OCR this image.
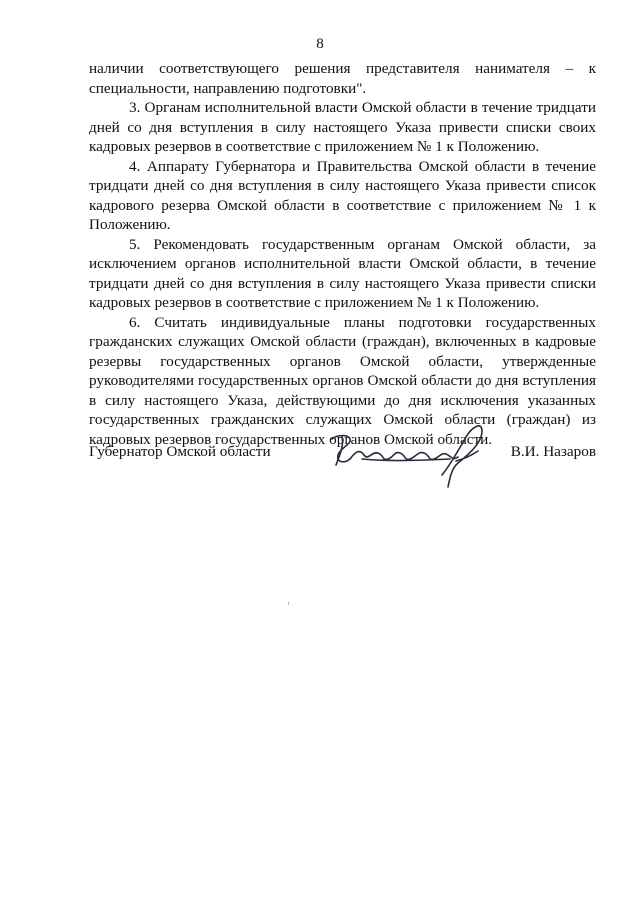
8

наличии соответствующего решения представителя нанимателя – к специальности, направлению подготовки".

3. Органам исполнительной власти Омской области в течение тридцати дней со дня вступления в силу настоящего Указа привести списки своих кадровых резервов в соответствие с приложением № 1 к Положению.

4. Аппарату Губернатора и Правительства Омской области в течение тридцати дней со дня вступления в силу настоящего Указа привести список кадрового резерва Омской области в соответствие с приложением № 1 к Положению.

5. Рекомендовать государственным органам Омской области, за исключением органов исполнительной власти Омской области, в течение тридцати дней со дня вступления в силу настоящего Указа привести списки кадровых резервов в соответствие с приложением № 1 к Положению.

6. Считать индивидуальные планы подготовки государственных гражданских служащих Омской области (граждан), включенных в кадровые резервы государственных органов Омской области, утвержденные руководителями государственных органов Омской области до дня вступления в силу настоящего Указа, действующими до дня исключения указанных государственных гражданских служащих Омской области (граждан) из кадровых резервов государственных органов Омской области.

Губернатор Омской области	В.И. Назаров
